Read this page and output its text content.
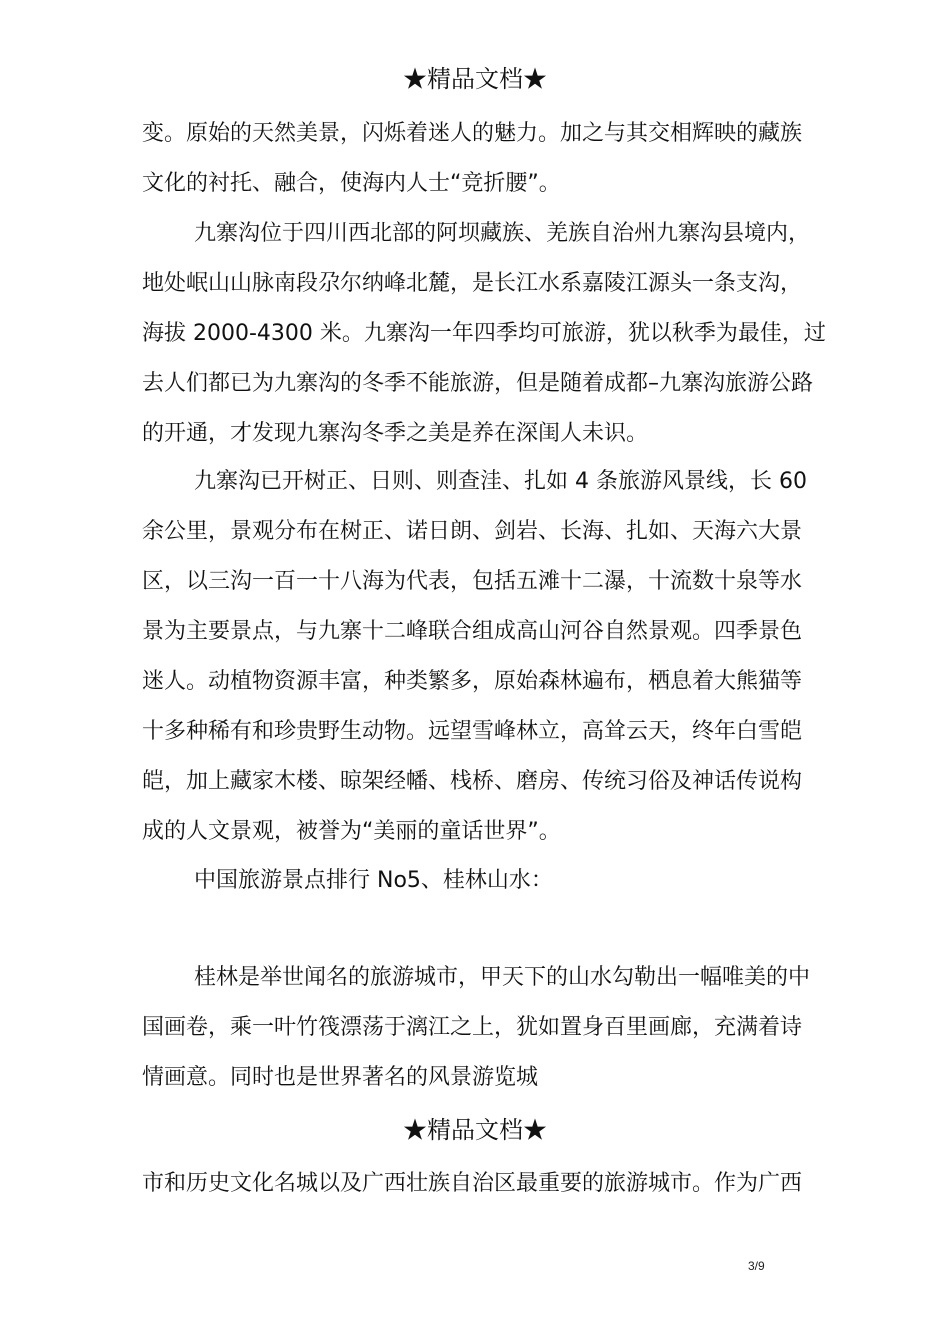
★精品文档★
变。原始的天然美景，闪烁着迷人的魅力。加之与其交相辉映的藏族
文化的衬托、融合，使海内人士“竞折腰”。
九寨沟位于四川西北部的阿坝藏族、羌族自治州九寨沟县境内，
地处岷山山脉南段尕尔纳峰北麓，是长江水系嘉陵江源头一条支沟，
海拔 2000-4300 米。九寨沟一年四季均可旅游，犹以秋季为最佳，过
去人们都已为九寨沟的冬季不能旅游，但是随着成都–九寨沟旅游公路
的开通，才发现九寨沟冬季之美是养在深闺人未识。
九寨沟已开树正、日则、则查洼、扎如 4 条旅游风景线，长 60
余公里，景观分布在树正、诺日朗、剑岩、长海、扎如、天海六大景
区，以三沟一百一十八海为代表，包括五滩十二瀑，十流数十泉等水
景为主要景点，与九寨十二峰联合组成高山河谷自然景观。四季景色
迷人。动植物资源丰富，种类繁多，原始森林遍布，栖息着大熊猫等
十多种稀有和珍贵野生动物。远望雪峰林立，高耸云天，终年白雪皑
皑，加上藏家木楼、晾架经幡、栈桥、磨房、传统习俗及神话传说构
成的人文景观，被誉为“美丽的童话世界”。
中国旅游景点排行 No5、桂林山水：
桂林是举世闻名的旅游城市，甲天下的山水勾勒出一幅唯美的中
国画卷，乘一叶竹筏漂荡于漓江之上，犹如置身百里画廊，充满着诗
情画意。同时也是世界著名的风景游览城
★精品文档★
市和历史文化名城以及广西壮族自治区最重要的旅游城市。作为广西
3/9
